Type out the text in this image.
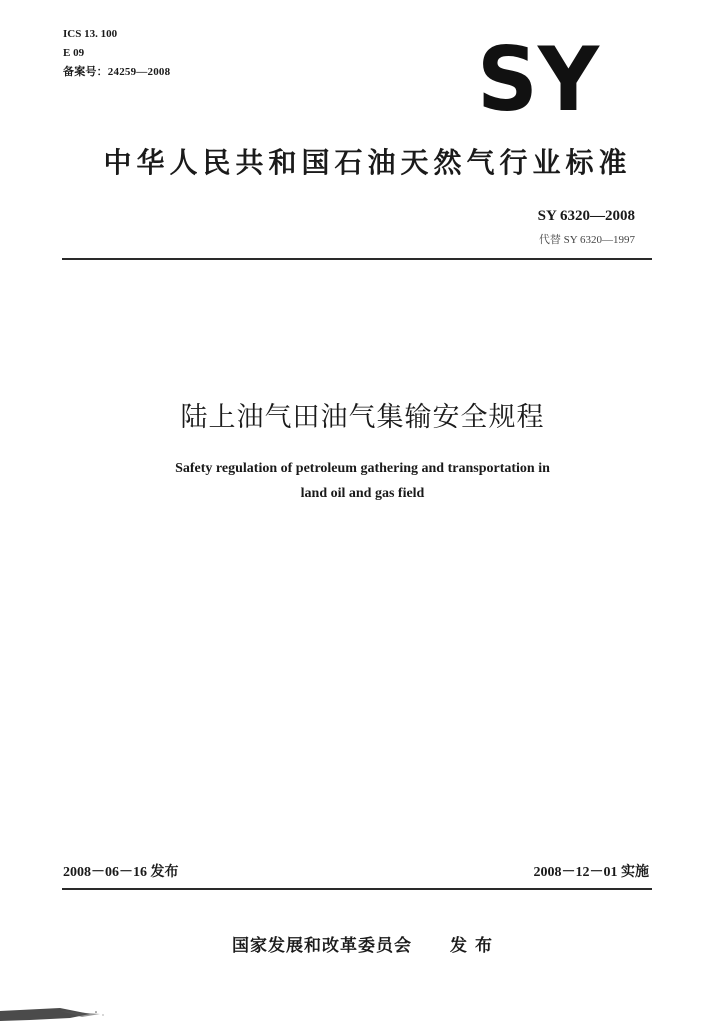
ICS 13. 100
E 09
备案号：24259—2008	SY
中华人民共和国石油天然气行业标准
SY 6320—2008
代替 SY 6320—1997
陆上油气田油气集输安全规程
Safety regulation of petroleum gathering and transportation in
land oil and gas field
2008－06－16 发布	2008－12－01 实施
国家发展和改革委员会 发 布
